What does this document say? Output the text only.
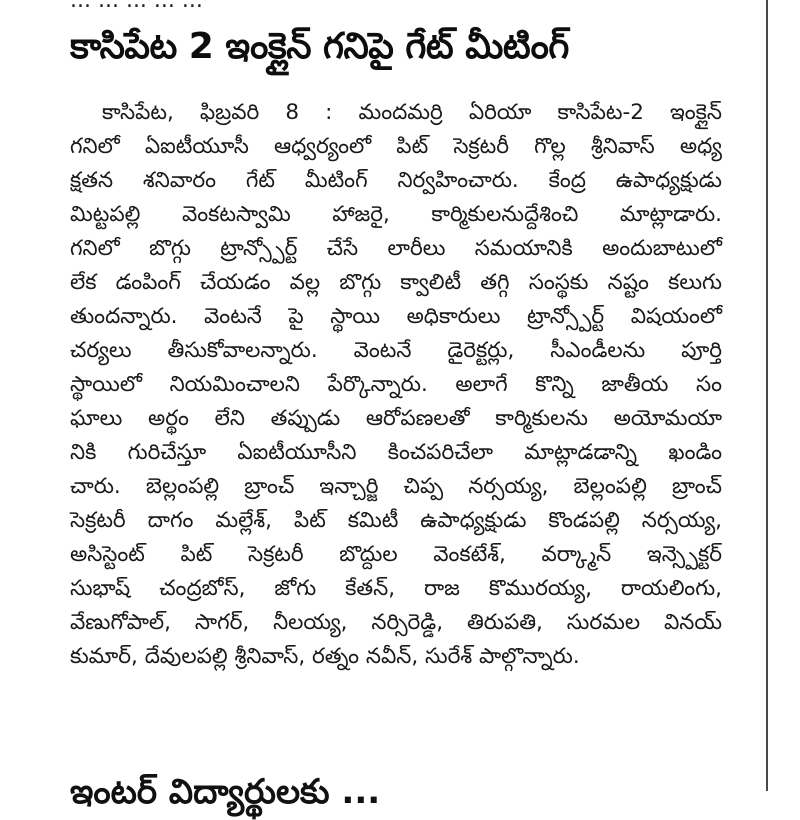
... ... ... ... ...
కాసిపేట 2 ఇంక్లైన్ గనిపై గేట్ మీటింగ్
కాసిపేట, ఫిబ్రవరి 8 : మందమర్రి ఏరియా కాసిపేట-2 ఇంక్లైన్
గనిలో ఏఐటీయూసీ ఆధ్వర్యంలో పిట్ సెక్రటరీ గొల్ల శ్రీనివాస్ అధ్య
క్షతన శనివారం గేట్ మీటింగ్ నిర్వహించారు. కేంద్ర ఉపాధ్యక్షుడు
మిట్టపల్లి వెంకటస్వామి హాజరై, కార్మికులనుద్దేశించి మాట్లాడారు.
గనిలో బొగ్గు ట్రాన్స్పోర్ట్ చేసే లారీలు సమయానికి అందుబాటులో
లేక డంపింగ్ చేయడం వల్ల బొగ్గు క్వాలిటీ తగ్గి సంస్థకు నష్టం కలుగు
తుందన్నారు. వెంటనే పై స్థాయి అధికారులు ట్రాన్స్పోర్ట్ విషయంలో
చర్యలు తీసుకోవాలన్నారు. వెంటనే డైరెక్టర్లు, సీఎండీలను పూర్తి
స్థాయిలో నియమించాలని పేర్కొన్నారు. అలాగే కొన్ని జాతీయ సం
ఘాలు అర్థం లేని తప్పుడు ఆరోపణలతో కార్మికులను అయోమయా
నికి గురిచేస్తూ ఏఐటీయూసీని కించపరిచేలా మాట్లాడడాన్ని ఖండిం
చారు. బెల్లంపల్లి బ్రాంచ్ ఇన్చార్జి చిప్ప నర్సయ్య, బెల్లంపల్లి బ్రాంచ్
సెక్రటరీ దాగం మల్లేశ్, పిట్ కమిటీ ఉపాధ్యక్షుడు కొండపల్లి నర్సయ్య,
అసిస్టెంట్ పిట్ సెక్రటరీ బొద్దుల వెంకటేశ్, వర్క్మాన్ ఇన్స్పెక్టర్
సుభాష్ చంద్రబోస్, జోగు కేతన్, రాజ కొమురయ్య, రాయలింగు,
వేణుగోపాల్, సాగర్, నీలయ్య, నర్సిరెడ్డి, తిరుపతి, సురమల వినయ్
కుమార్, దేవులపల్లి శ్రీనివాస్, రత్నం నవీన్, సురేశ్ పాల్గొన్నారు.
ఇంటర్ విద్యార్థులకు ...
